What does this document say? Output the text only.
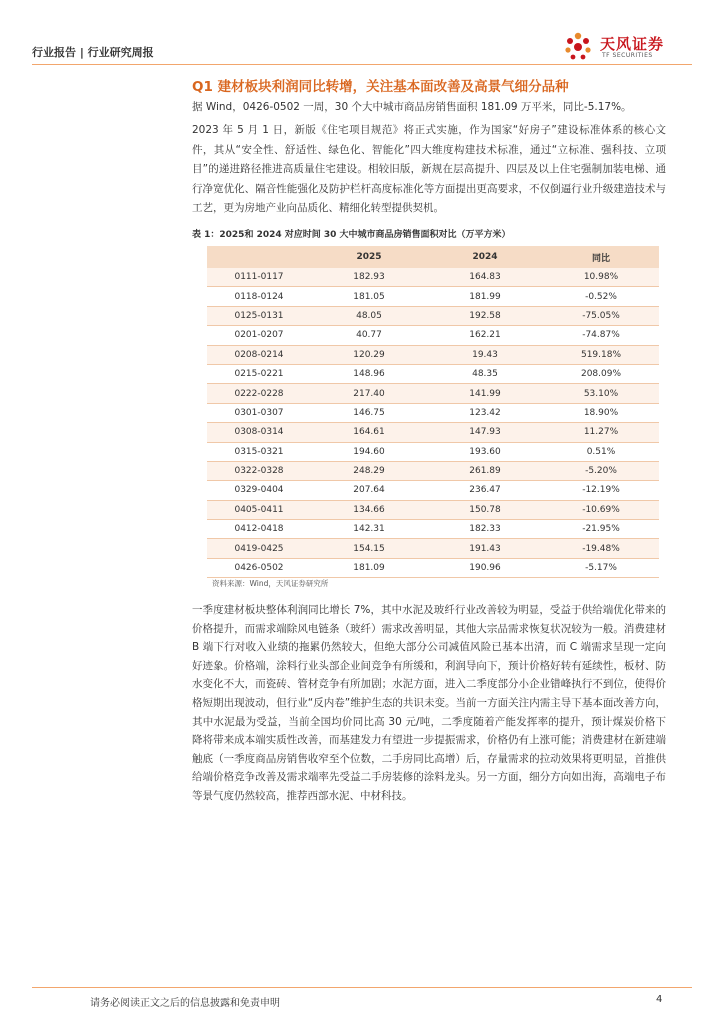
行业报告 | 行业研究周报	天风证券
TF SECURITIES
Q1 建材板块利润同比转增，关注基本面改善及高景气细分品种
据 Wind，0426-0502 一周，30 个大中城市商品房销售面积 181.09 万平米，同比-5.17%。
2023 年 5 月 1 日，新版《住宅项目规范》将正式实施，作为国家“好房子”建设标准体系的核心文件，其从“安全性、舒适性、绿色化、智能化”四大维度构建技术标准，通过“立标准、强科技、立项目”的递进路径推进高质量住宅建设。相较旧版，新规在层高提升、四层及以上住宅强制加装电梯、通行净宽优化、隔音性能强化及防护栏杆高度标准化等方面提出更高要求，不仅倒逼行业升级建造技术与工艺，更为房地产业向品质化、精细化转型提供契机。
表 1：2025和 2024 对应时间 30 大中城市商品房销售面积对比（万平方米）
	2025	2024	同比
0111-0117	182.93	164.83	10.98%
0118-0124	181.05	181.99	-0.52%
0125-0131	48.05	192.58	-75.05%
0201-0207	40.77	162.21	-74.87%
0208-0214	120.29	19.43	519.18%
0215-0221	148.96	48.35	208.09%
0222-0228	217.40	141.99	53.10%
0301-0307	146.75	123.42	18.90%
0308-0314	164.61	147.93	11.27%
0315-0321	194.60	193.60	0.51%
0322-0328	248.29	261.89	-5.20%
0329-0404	207.64	236.47	-12.19%
0405-0411	134.66	150.78	-10.69%
0412-0418	142.31	182.33	-21.95%
0419-0425	154.15	191.43	-19.48%
0426-0502	181.09	190.96	-5.17%
资料来源：Wind，天风证券研究所
一季度建材板块整体利润同比增长 7%，其中水泥及玻纤行业改善较为明显，受益于供给端优化带来的价格提升，而需求端除风电链条（玻纤）需求改善明显，其他大宗品需求恢复状况较为一般。消费建材 B 端下行对收入业绩的拖累仍然较大，但绝大部分公司减值风险已基本出清，而 C 端需求呈现一定向好迹象。价格端，涂料行业头部企业间竞争有所缓和，利润导向下，预计价格好转有延续性，板材、防水变化不大，而瓷砖、管材竞争有所加剧；水泥方面，进入二季度部分小企业错峰执行不到位，使得价格短期出现波动，但行业“反内卷”维护生态的共识未变。当前一方面关注内需主导下基本面改善方向，其中水泥最为受益，当前全国均价同比高 30 元/吨，二季度随着产能发挥率的提升，预计煤炭价格下降将带来成本端实质性改善，而基建发力有望进一步提振需求，价格仍有上涨可能；消费建材在新建端触底（一季度商品房销售收窄至个位数，二手房同比高增）后，存量需求的拉动效果将更明显，首推供给端价格竞争改善及需求端率先受益二手房装修的涂料龙头。另一方面，细分方向如出海，高端电子布等景气度仍然较高，推荐西部水泥、中材科技。
请务必阅读正文之后的信息披露和免责申明	4
